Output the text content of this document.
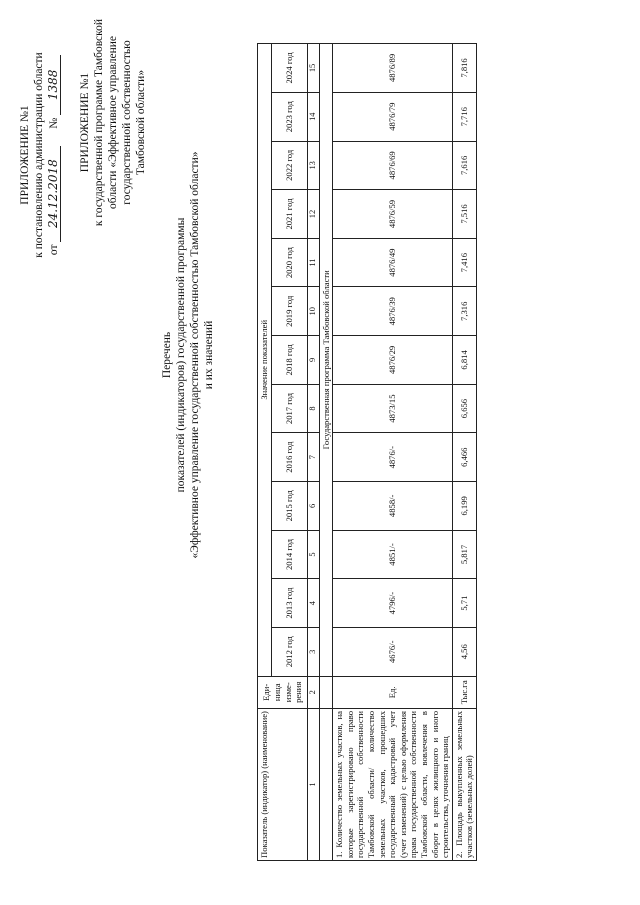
ПРИЛОЖЕНИЕ №1 к постановлению администрации области от 24.12.2018 № 1388 ПРИЛОЖЕНИЕ №1 к государственной программе Тамбовской области «Эффективное управление государственной собственностью Тамбовской области»
Перечень показателей (индикаторов) государственной программы «Эффективное управление государственной собственностью Тамбовской области» и их значений
Показатель (индикатор) (наименование)	Еди-ница изме-рения	Значение показателей												
		2012 год	2013 год	2014 год	2015 год	2016 год	2017 год	2018 год	2019 год	2020 год	2021 год	2022 год	2023 год	2024 год
1	2	3	4	5	6	7	8	9	10	11	12	13	14	15
		Государственная программа Тамбовской области												
1. Количество земельных участков, на которые зарегистрировано право государственной собственности Тамбовской области/ количество земельных участков, прошедших государственный кадастровый учет (учет изменений) с целью оформления права государственной собственности Тамбовской области, вовлечения в оборот в целях жилищного и иного строительства, уточнения границ	Ед.	4676/-	4796/-	4851/-	4858/-	4876/-	4873/15	4876/29	4876/39	4876/49	4876/59	4876/69	4876/79	4876/89
2. Площадь выкупленных земельных участков (земельных долей)	Тыс.га	4,56	5,71	5,817	6,199	6,466	6,656	6,814	7,316	7,416	7,516	7,616	7,716	7,816
